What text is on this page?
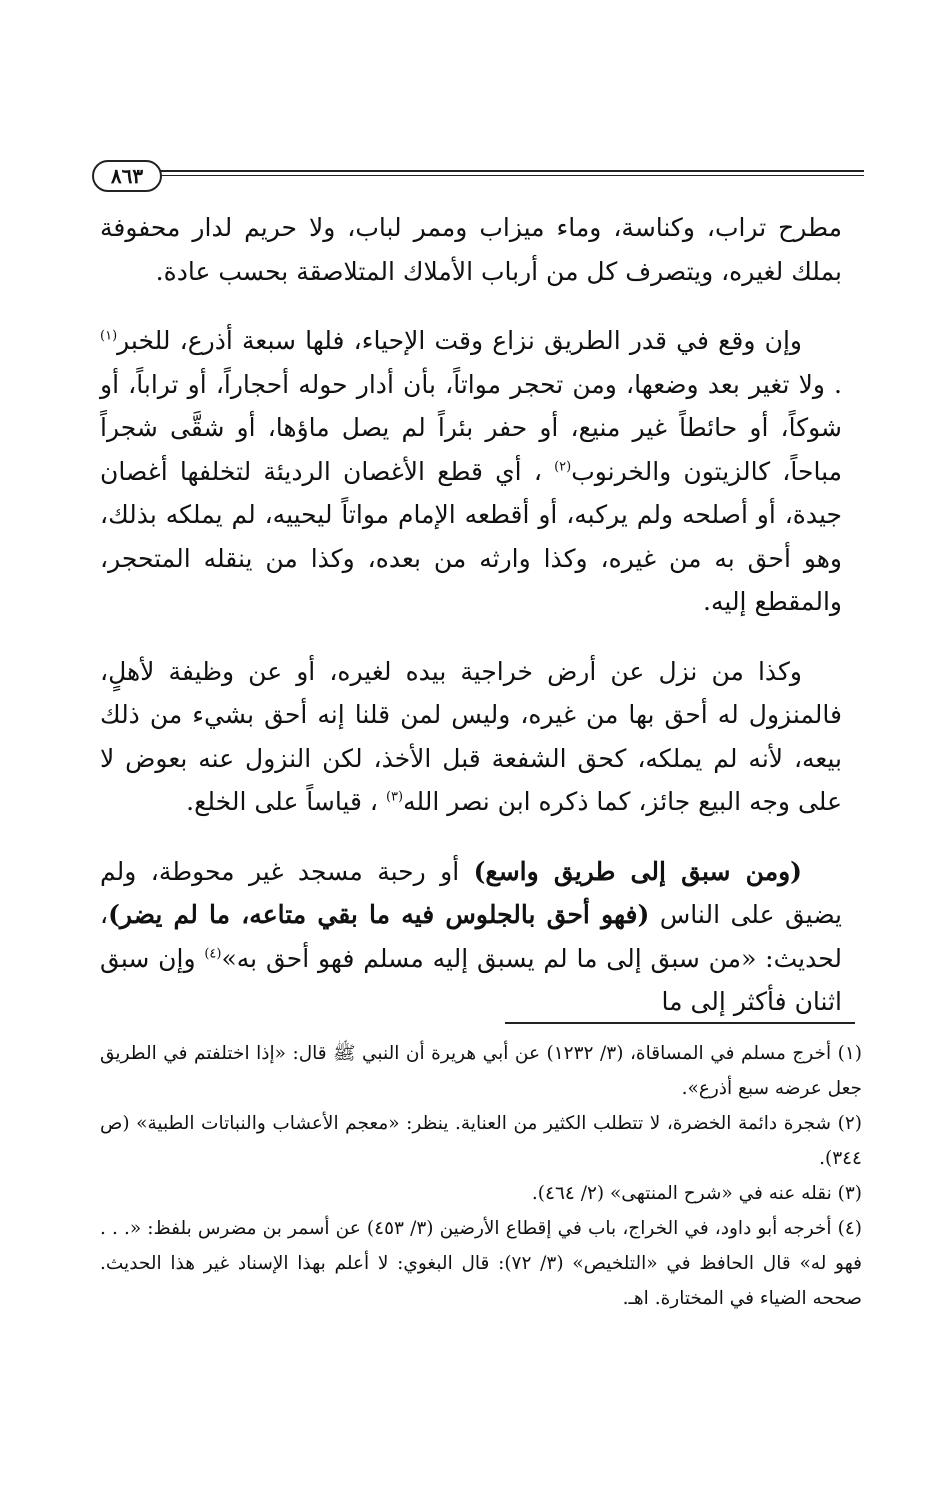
٨٦٣

مطرح تراب، وكناسة، وماء ميزاب وممر لباب، ولا حريم لدار محفوفة بملك لغيره، ويتصرف كل من أرباب الأملاك المتلاصقة بحسب عادة.

وإن وقع في قدر الطريق نزاع وقت الإحياء، فلها سبعة أذرع، للخبر$^{(١)}$ . ولا تغير بعد وضعها، ومن تحجر مواتاً، بأن أدار حوله أحجاراً، أو تراباً، أو شوكاً، أو حائطاً غير منيع، أو حفر بئراً لم يصل ماؤها، أو شقَّى شجراً مباحاً، كالزيتون والخرنوب$^{(٢)}$ ، أي قطع الأغصان الرديئة لتخلفها أغصان جيدة، أو أصلحه ولم يركبه، أو أقطعه الإمام مواتاً ليحييه، لم يملكه بذلك، وهو أحق به من غيره، وكذا وارثه من بعده، وكذا من ينقله المتحجر، والمقطع إليه.

وكذا من نزل عن أرض خراجية بيده لغيره، أو عن وظيفة لأهلٍ، فالمنزول له أحق بها من غيره، وليس لمن قلنا إنه أحق بشيء من ذلك بيعه، لأنه لم يملكه، كحق الشفعة قبل الأخذ، لكن النزول عنه بعوض لا على وجه البيع جائز، كما ذكره ابن نصر الله$^{(٣)}$ ، قياساً على الخلع.

(ومن سبق إلى طريق واسع) أو رحبة مسجد غير محوطة، ولم يضيق على الناس (فهو أحق بالجلوس فيه ما بقي متاعه، ما لم يضر)، لحديث: «من سبق إلى ما لم يسبق إليه مسلم فهو أحق به»$^{(٤)}$ وإن سبق اثنان فأكثر إلى ما

(١) أخرج مسلم في المساقاة، (٣/ ١٢٣٢) عن أبي هريرة أن النبي ﷺ قال: «إذا اختلفتم في الطريق جعل عرضه سبع أذرع».

(٢) شجرة دائمة الخضرة، لا تتطلب الكثير من العناية. ينظر: «معجم الأعشاب والنباتات الطبية» (ص ٣٤٤).

(٣) نقله عنه في «شرح المنتهى» (٢/ ٤٦٤).

(٤) أخرجه أبو داود، في الخراج، باب في إقطاع الأرضين (٣/ ٤٥٣) عن أسمر بن مضرس بلفظ: «. . . فهو له» قال الحافظ في «التلخيص» (٣/ ٧٢): قال البغوي: لا أعلم بهذا الإسناد غير هذا الحديث. صححه الضياء في المختارة. اهـ.
